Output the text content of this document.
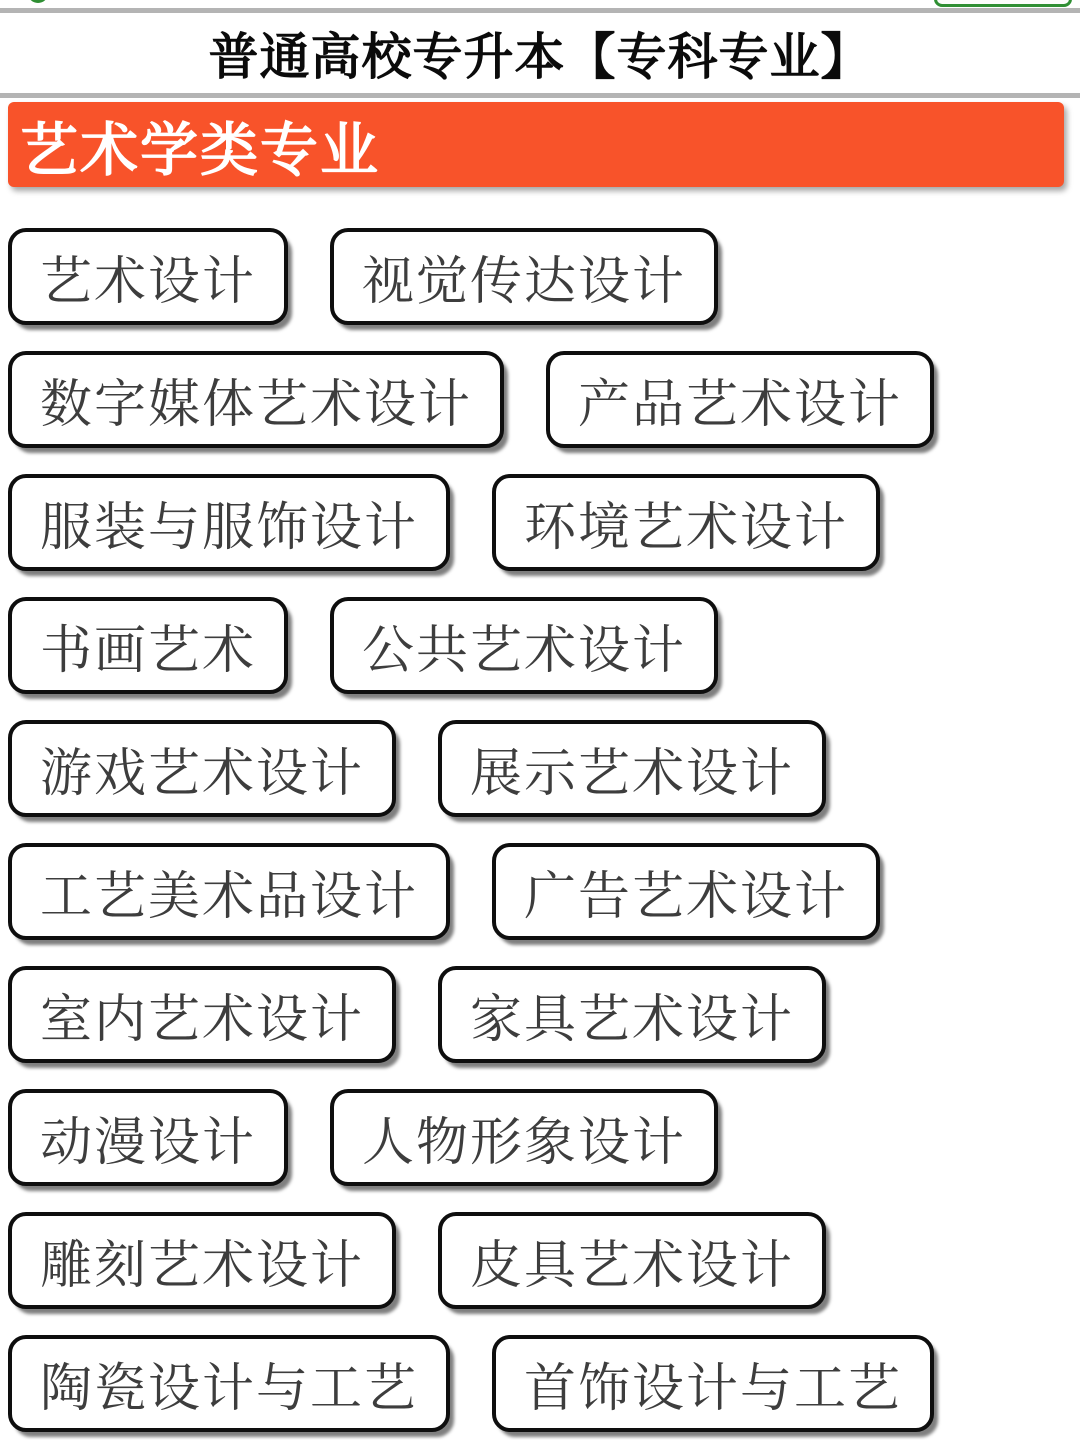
普通高校专升本【专科专业】
艺术学类专业
艺术设计	视觉传达设计
数字媒体艺术设计	产品艺术设计
服装与服饰设计	环境艺术设计
书画艺术	公共艺术设计
游戏艺术设计	展示艺术设计
工艺美术品设计	广告艺术设计
室内艺术设计	家具艺术设计
动漫设计	人物形象设计
雕刻艺术设计	皮具艺术设计
陶瓷设计与工艺	首饰设计与工艺
